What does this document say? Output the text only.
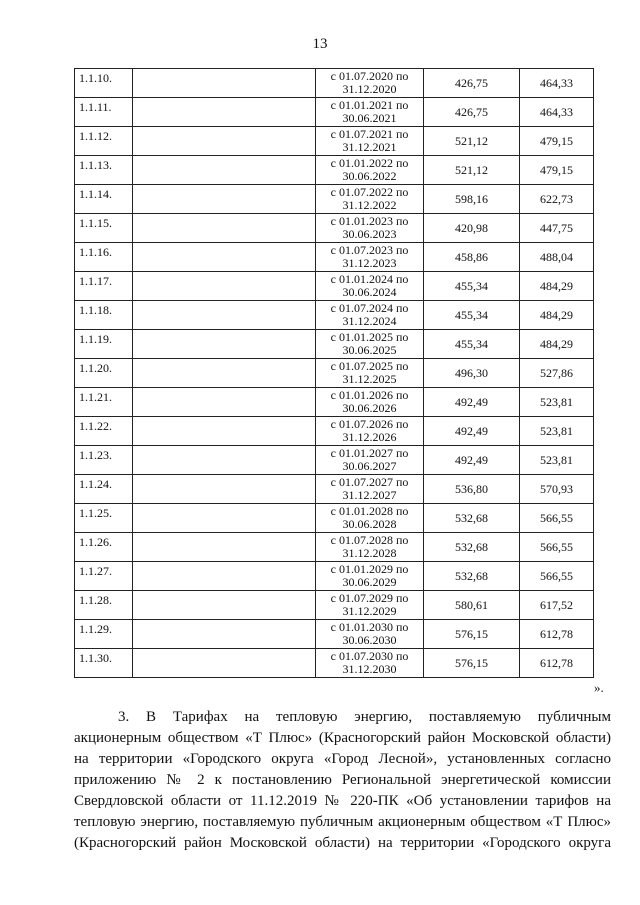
13
1.1.10.		с 01.07.2020 по
31.12.2020	426,75	464,33
1.1.11.		с 01.01.2021 по
30.06.2021	426,75	464,33
1.1.12.		с 01.07.2021 по
31.12.2021	521,12	479,15
1.1.13.		с 01.01.2022 по
30.06.2022	521,12	479,15
1.1.14.		с 01.07.2022 по
31.12.2022	598,16	622,73
1.1.15.		с 01.01.2023 по
30.06.2023	420,98	447,75
1.1.16.		с 01.07.2023 по
31.12.2023	458,86	488,04
1.1.17.		с 01.01.2024 по
30.06.2024	455,34	484,29
1.1.18.		с 01.07.2024 по
31.12.2024	455,34	484,29
1.1.19.		с 01.01.2025 по
30.06.2025	455,34	484,29
1.1.20.		с 01.07.2025 по
31.12.2025	496,30	527,86
1.1.21.		с 01.01.2026 по
30.06.2026	492,49	523,81
1.1.22.		с 01.07.2026 по
31.12.2026	492,49	523,81
1.1.23.		с 01.01.2027 по
30.06.2027	492,49	523,81
1.1.24.		с 01.07.2027 по
31.12.2027	536,80	570,93
1.1.25.		с 01.01.2028 по
30.06.2028	532,68	566,55
1.1.26.		с 01.07.2028 по
31.12.2028	532,68	566,55
1.1.27.		с 01.01.2029 по
30.06.2029	532,68	566,55
1.1.28.		с 01.07.2029 по
31.12.2029	580,61	617,52
1.1.29.		с 01.01.2030 по
30.06.2030	576,15	612,78
1.1.30.		с 01.07.2030 по
31.12.2030	576,15	612,78
».
3. В Тарифах на тепловую энергию, поставляемую публичным
акционерным обществом «Т Плюс» (Красногорский район Московской области)
на территории «Городского округа «Город Лесной», установленных согласно
приложению № 2 к постановлению Региональной энергетической комиссии
Свердловской области от 11.12.2019 № 220-ПК «Об установлении тарифов на
тепловую энергию, поставляемую публичным акционерным обществом «Т Плюс»
(Красногорский район Московской области) на территории «Городского округа
